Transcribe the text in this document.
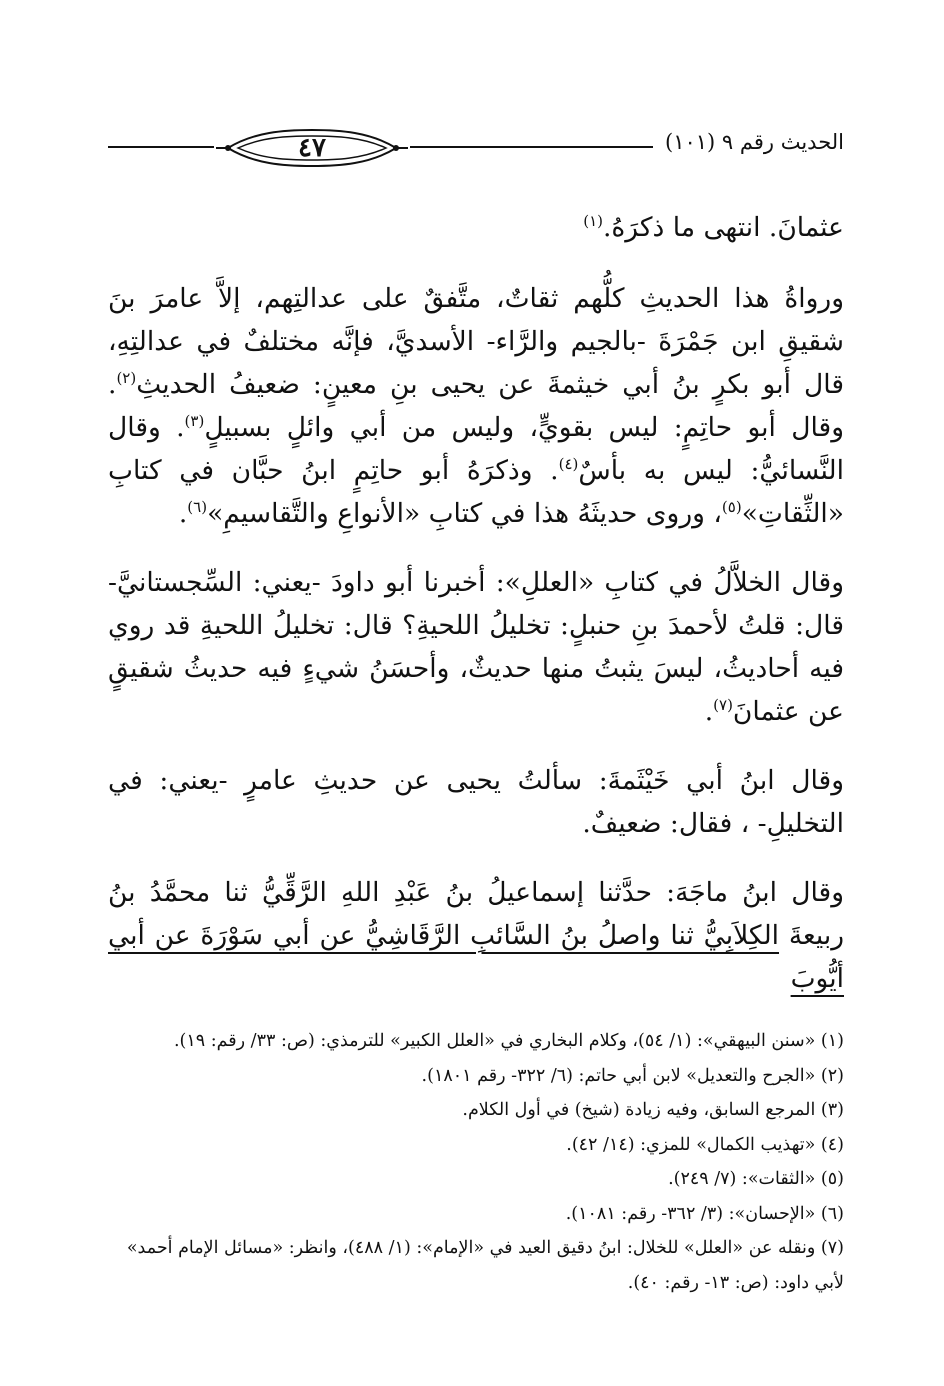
الحديث رقم ٩ (١٠١)
٤٧

عثمانَ. انتهى ما ذكرَهُ.$^{(١)}$

ورواةُ هذا الحديثِ كلُّهم ثقاتٌ، متَّفقٌ على عدالتِهم، إلاَّ عامرَ بنَ شقيقِ ابن جَمْرَةَ -بالجيم والرَّاء- الأسديَّ، فإنَّه مختلفٌ في عدالتِهِ، قال أبو بكرٍ بنُ أبي خيثمةَ عن يحيى بنِ معينٍ: ضعيفُ الحديثِ$^{(٢)}$. وقال أبو حاتِمٍ: ليس بقويٍّ، وليس من أبي وائلٍ بسبيلٍ$^{(٣)}$. وقال النَّسائيُّ: ليس به بأسٌ$^{(٤)}$. وذكرَهُ أبو حاتِمٍ ابنُ حبَّان في كتابِ «الثِّقاتِ»$^{(٥)}$، وروى حديثَهُ هذا في كتابِ «الأنواعِ والتَّقاسيمِ»$^{(٦)}$.

وقال الخلاَّلُ في كتابِ «العللِ»: أخبرنا أبو داودَ -يعني: السِّجستانيَّ- قال: قلتُ لأحمدَ بنِ حنبلٍ: تخليلُ اللحيةِ؟ قال: تخليلُ اللحيةِ قد روي فيه أحاديثُ، ليسَ يثبتُ منها حديثٌ، وأحسَنُ شيءٍ فيه حديثُ شقيقٍ عن عثمانَ$^{(٧)}$.

وقال ابنُ أبي خَيْثَمةَ: سألتُ يحيى عن حديثِ عامرٍ -يعني: في التخليلِ- ، فقال: ضعيفٌ.

وقال ابنُ ماجَهَ: حدَّثنا إسماعيلُ بنُ عَبْدِ اللهِ الرَّقِّيُّ ثنا محمَّدُ بنُ ربيعةَ الكِلاَبِيُّ ثنا واصلُ بنُ السَّائبِ الرَّقَاشِيُّ عن أبي سَوْرَةَ عن أبي أيُّوبَ

(١) «سنن البيهقي»: (١/ ٥٤)، وكلام البخاري في «العلل الكبير» للترمذي: (ص: ٣٣/ رقم: ١٩).

(٢) «الجرح والتعديل» لابن أبي حاتم: (٦/ ٣٢٢- رقم ١٨٠١).

(٣) المرجع السابق، وفيه زيادة (شيخ) في أول الكلام.

(٤) «تهذيب الكمال» للمزي: (١٤/ ٤٢).

(٥) «الثقات»: (٧/ ٢٤٩).

(٦) «الإحسان»: (٣/ ٣٦٢- رقم: ١٠٨١).

(٧) ونقله عن «العلل» للخلال: ابنُ دقيق العيد في «الإمام»: (١/ ٤٨٨)، وانظر: «مسائل الإمام أحمد» لأبي داود: (ص: ١٣- رقم: ٤٠).
